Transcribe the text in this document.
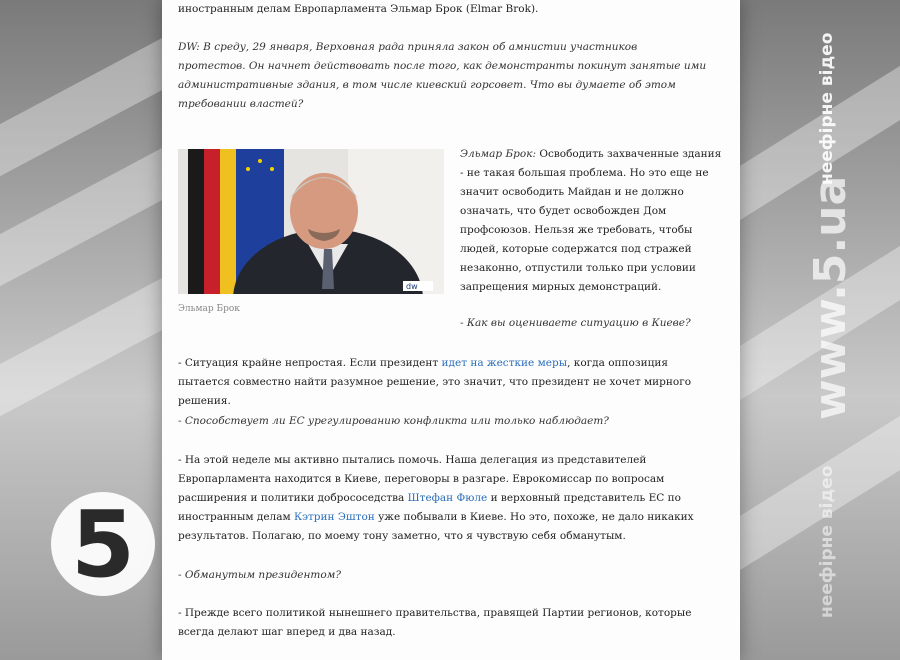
иностранным делам Европарламента Эльмар Брок (Elmar Brok).

DW: В среду, 29 января, Верховная рада приняла закон об амнистии участников протестов. Он начнет действовать после того, как демонстранты покинут занятые ими административные здания, в том числе киевский горсовет. Что вы думаете об этом требовании властей?

- Ситуация крайне непростая. Если президент идет на жесткие меры, когда оппозиция пытается совместно найти разумное решение, это значит, что президент не хочет мирного решения.

- Способствует ли ЕС урегулированию конфликта или только наблюдает?

- На этой неделе мы активно пытались помочь. Наша делегация из представителей Европарламента находится в Киеве, переговоры в разгаре. Еврокомиссар по вопросам расширения и политики добрососедства Штефан Фюле и верховный представитель ЕС по иностранным делам Кэтрин Эштон уже побывали в Киеве. Но это, похоже, не дало никаких результатов. Полагаю, по моему тону заметно, что я чувствую себя обманутым.

- Обманутым президентом?

- Прежде всего политикой нынешнего правительства, правящей Партии регионов, которые всегда делают шаг вперед и два назад.

dw
Эльмар Брок

Эльмар Брок: Освободить захваченные здания - не такая большая проблема. Но это еще не значит освободить Майдан и не должно означать, что будет освобожден Дом профсоюзов. Нельзя же требовать, чтобы людей, которые содержатся под стражей незаконно, отпустили только при условии запрещения мирных демонстраций.

- Как вы оцениваете ситуацию в Киеве?

5
неефірне відео
www.5.ua
неефірне відео
